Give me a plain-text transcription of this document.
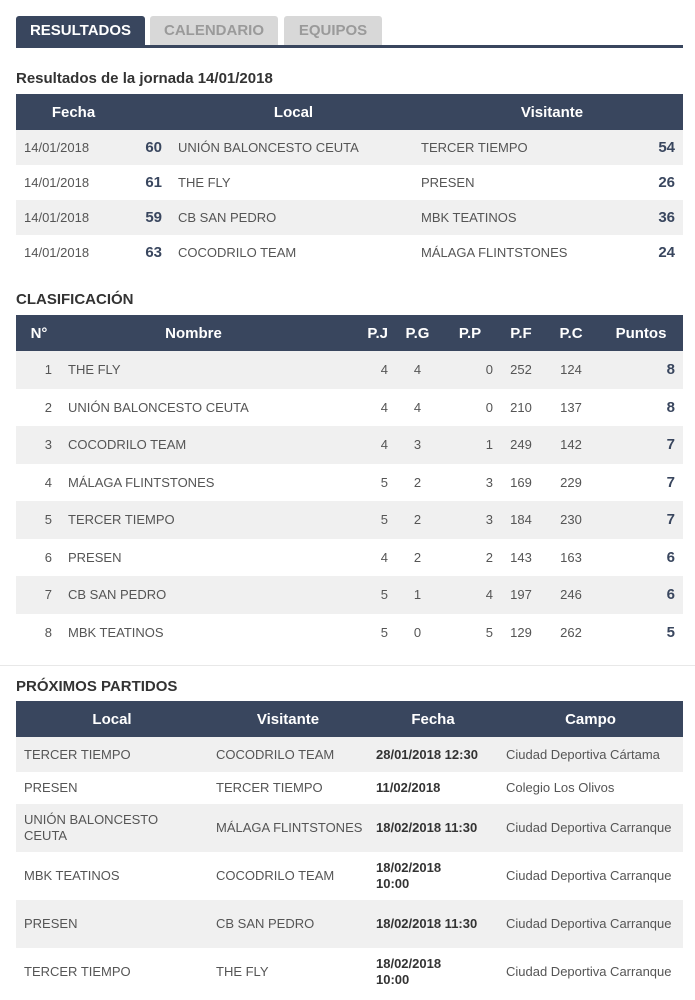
RESULTADOS	CALENDARIO	EQUIPOS
Resultados de la jornada 14/01/2018
Fecha		Local	Visitante	
14/01/2018	60	UNIÓN BALONCESTO CEUTA	TERCER TIEMPO	54
14/01/2018	61	THE FLY	PRESEN	26
14/01/2018	59	CB SAN PEDRO	MBK TEATINOS	36
14/01/2018	63	COCODRILO TEAM	MÁLAGA FLINTSTONES	24
CLASIFICACIÓN
N°	Nombre	P.J	P.G	P.P	P.F	P.C	Puntos
1	THE FLY	4	4	0	252	124	8
2	UNIÓN BALONCESTO CEUTA	4	4	0	210	137	8
3	COCODRILO TEAM	4	3	1	249	142	7
4	MÁLAGA FLINTSTONES	5	2	3	169	229	7
5	TERCER TIEMPO	5	2	3	184	230	7
6	PRESEN	4	2	2	143	163	6
7	CB SAN PEDRO	5	1	4	197	246	6
8	MBK TEATINOS	5	0	5	129	262	5
PRÓXIMOS PARTIDOS
Local	Visitante	Fecha	Campo
TERCER TIEMPO	COCODRILO TEAM	28/01/2018 12:30	Ciudad Deportiva Cártama
PRESEN	TERCER TIEMPO	11/02/2018	Colegio Los Olivos
UNIÓN BALONCESTO CEUTA	MÁLAGA FLINTSTONES	18/02/2018 11:30	Ciudad Deportiva Carranque
MBK TEATINOS	COCODRILO TEAM	18/02/2018 10:00	Ciudad Deportiva Carranque
PRESEN	CB SAN PEDRO	18/02/2018 11:30	Ciudad Deportiva Carranque
TERCER TIEMPO	THE FLY	18/02/2018 10:00	Ciudad Deportiva Carranque
